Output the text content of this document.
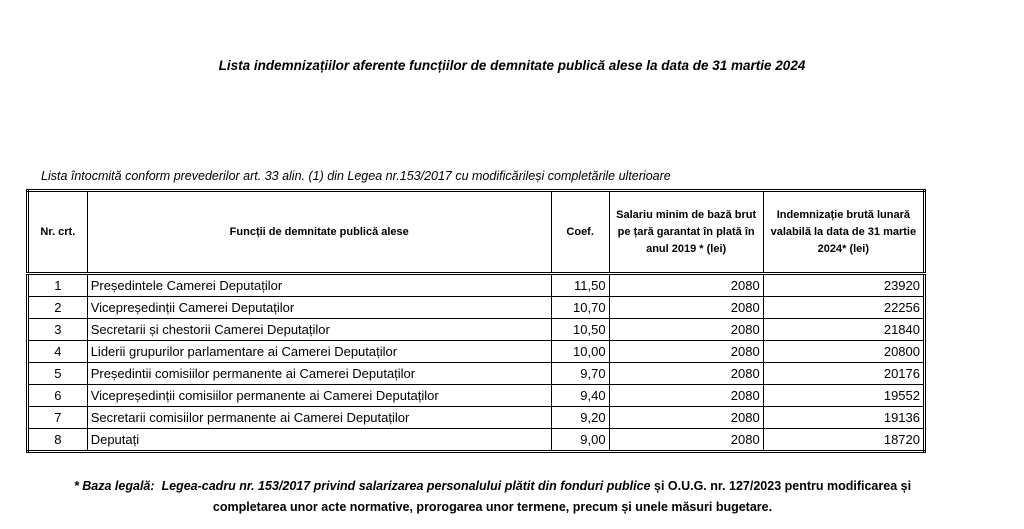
Lista indemnizațiilor aferente funcțiilor de demnitate publică alese la data de 31 martie 2024
Lista întocmită conform prevederilor art. 33 alin. (1) din Legea nr.153/2017 cu modificărileși completările ulterioare
Nr. crt.	Funcții de demnitate publică alese	Coef.	Salariu minim de bază brut pe țară garantat în plată în anul 2019 * (lei)	Indemnizație brută lunară valabilă la data de 31 martie 2024* (lei)
1	Președintele Camerei Deputaților	11,50	2080	23920
2	Vicepreședinții Camerei Deputaților	10,70	2080	22256
3	Secretarii și chestorii Camerei Deputaților	10,50	2080	21840
4	Liderii grupurilor parlamentare ai Camerei Deputaților	10,00	2080	20800
5	Președintii comisiilor permanente ai Camerei Deputaților	9,70	2080	20176
6	Vicepreședinții comisiilor permanente ai Camerei Deputaților	9,40	2080	19552
7	Secretarii comisiilor permanente ai Camerei Deputaților	9,20	2080	19136
8	Deputați	9,00	2080	18720
* Baza legală: Legea-cadru nr. 153/2017 privind salarizarea personalului plătit din fonduri publice și O.U.G. nr. 127/2023 pentru modificarea și completarea unor acte normative, prorogarea unor termene, precum și unele măsuri bugetare.
